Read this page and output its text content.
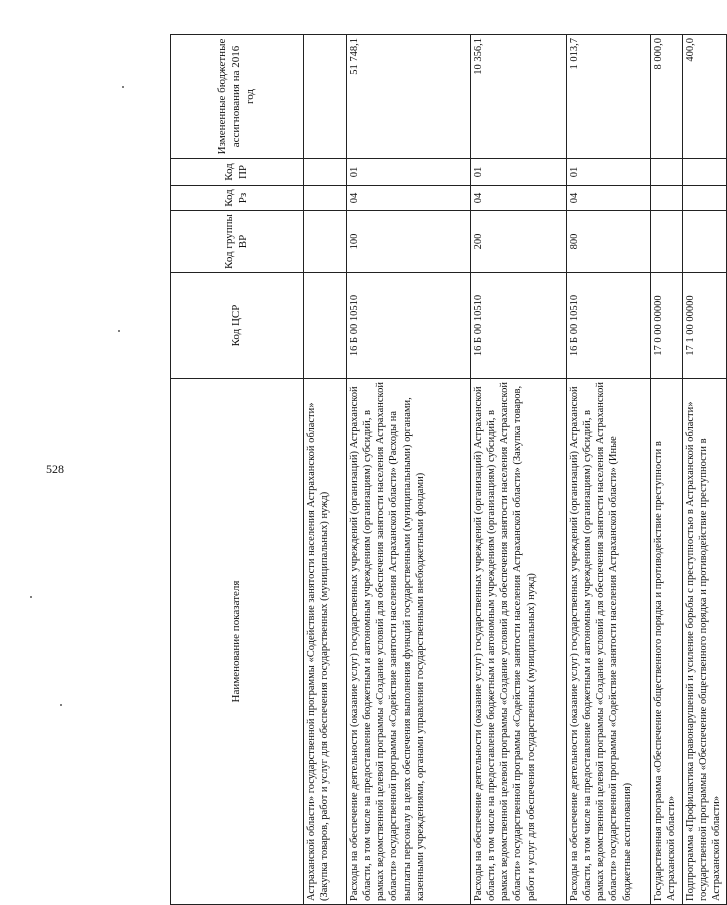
528
Наименование показателя	Код ЦСР	Код группы ВР	Код Рз	Код ПР	Измененные бюджетные ассигнования на 2016 год
Астраханской области» государственной программы «Содействие занятости населения Астраханской области» (Закупка товаров, работ и услуг для обеспечения государственных (муниципальных) нужд)					
Расходы на обеспечение деятельности (оказание услуг) государственных учреждений (организаций) Астраханской области, в том числе на предоставление бюджетным и автономным учреждениям (организациям) субсидий, в рамках ведомственной целевой программы «Создание условий для обеспечения занятости населения Астраханской области» государственной программы «Содействие занятости населения Астраханской области» (Расходы на выплаты персоналу в целях обеспечения выполнения функций государственными (муниципальными) органами, казенными учреждениями, органами управления государственными внебюджетными фондами)	16 Б 00 10510	100	04	01	51 748,1
Расходы на обеспечение деятельности (оказание услуг) государственных учреждений (организаций) Астраханской области, в том числе на предоставление бюджетным и автономным учреждениям (организациям) субсидий, в рамках ведомственной целевой программы «Создание условий для обеспечения занятости населения Астраханской области» государственной программы «Содействие занятости населения Астраханской области» (Закупка товаров, работ и услуг для обеспечения государственных (муниципальных) нужд)	16 Б 00 10510	200	04	01	10 356,1
Расходы на обеспечение деятельности (оказание услуг) государственных учреждений (организаций) Астраханской области, в том числе на предоставление бюджетным и автономным учреждениям (организациям) субсидий, в рамках ведомственной целевой программы «Создание условий для обеспечения занятости населения Астраханской области» государственной программы «Содействие занятости населения Астраханской области» (Иные бюджетные ассигнования)	16 Б 00 10510	800	04	01	1 013,7
Государственная программа «Обеспечение общественного порядка и противодействие преступности в Астраханской области»	17 0 00 00000				8 000,0
Подпрограмма «Профилактика правонарушений и усиление борьбы с преступностью в Астраханской области» государственной программы «Обеспечение общественного порядка и противодействие преступности в Астраханской области»	17 1 00 00000				400,0
